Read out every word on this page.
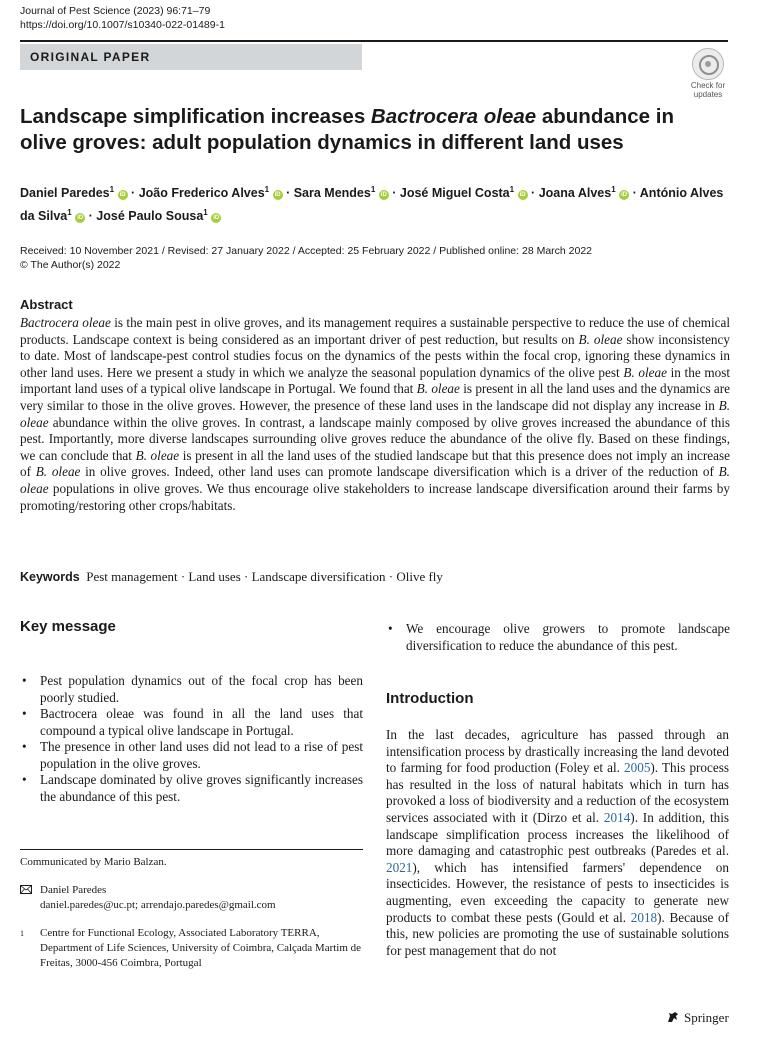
Journal of Pest Science (2023) 96:71–79
https://doi.org/10.1007/s10340-022-01489-1
ORIGINAL PAPER
Check for
updates
Landscape simplification increases Bactrocera oleae abundance in olive groves: adult population dynamics in different land uses
Daniel Paredes$^1$ iD · João Frederico Alves$^1$ iD · Sara Mendes$^1$ iD · José Miguel Costa$^1$ iD · Joana Alves$^1$ iD · António Alves da Silva$^1$ iD · José Paulo Sousa$^1$ iD
Received: 10 November 2021 / Revised: 27 January 2022 / Accepted: 25 February 2022 / Published online: 28 March 2022
© The Author(s) 2022
Abstract
Bactrocera oleae is the main pest in olive groves, and its management requires a sustainable perspective to reduce the use of chemical products. Landscape context is being considered as an important driver of pest reduction, but results on B. oleae show inconsistency to date. Most of landscape-pest control studies focus on the dynamics of the pests within the focal crop, ignoring these dynamics in other land uses. Here we present a study in which we analyze the seasonal population dynamics of the olive pest B. oleae in the most important land uses of a typical olive landscape in Portugal. We found that B. oleae is present in all the land uses and the dynamics are very similar to those in the olive groves. However, the presence of these land uses in the landscape did not display any increase in B. oleae abundance within the olive groves. In contrast, a landscape mainly composed by olive groves increased the abundance of this pest. Importantly, more diverse landscapes surrounding olive groves reduce the abundance of the olive fly. Based on these findings, we can conclude that B. oleae is present in all the land uses of the studied landscape but that this presence does not imply an increase of B. oleae in olive groves. Indeed, other land uses can promote landscape diversification which is a driver of the reduction of B. oleae populations in olive groves. We thus encourage olive stakeholders to increase landscape diversification around their farms by promoting/restoring other crops/habitats.
Keywords Pest management · Land uses · Landscape diversification · Olive fly
Key message
• Pest population dynamics out of the focal crop has been poorly studied.
• Bactrocera oleae was found in all the land uses that compound a typical olive landscape in Portugal.
• The presence in other land uses did not lead to a rise of pest population in the olive groves.
• Landscape dominated by olive groves significantly increases the abundance of this pest.
• We encourage olive growers to promote landscape diversification to reduce the abundance of this pest.
Communicated by Mario Balzan.
Daniel Paredes
daniel.paredes@uc.pt; arrendajo.paredes@gmail.com
1 Centre for Functional Ecology, Associated Laboratory TERRA, Department of Life Sciences, University of Coimbra, Calçada Martim de Freitas, 3000-456 Coimbra, Portugal
Introduction
In the last decades, agriculture has passed through an intensification process by drastically increasing the land devoted to farming for food production (Foley et al. 2005). This process has resulted in the loss of natural habitats which in turn has provoked a loss of biodiversity and a reduction of the ecosystem services associated with it (Dirzo et al. 2014). In addition, this landscape simplification process increases the likelihood of more damaging and catastrophic pest outbreaks (Paredes et al. 2021), which has intensified farmers' dependence on insecticides. However, the resistance of pests to insecticides is augmenting, even exceeding the capacity to generate new products to combat these pests (Gould et al. 2018). Because of this, new policies are promoting the use of sustainable solutions for pest management that do not
Springer
